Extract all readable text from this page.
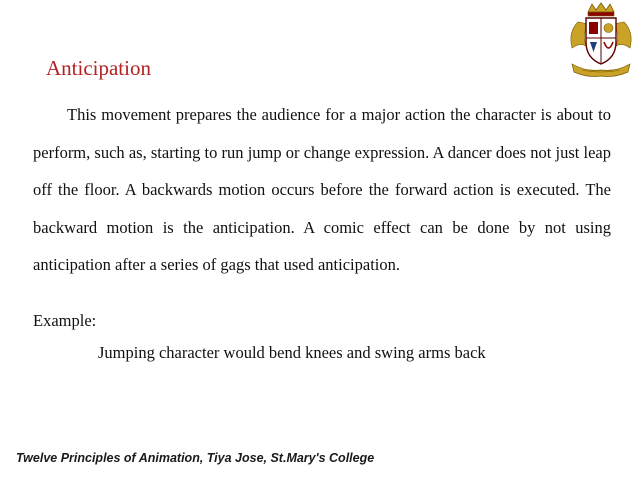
Anticipation

This movement prepares the audience for a major action the character is about to perform, such as, starting to run jump or change expression. A dancer does not just leap off the floor. A backwards motion occurs before the forward action is executed. The backward motion is the anticipation. A comic effect can be done by not using anticipation after a series of gags that used anticipation.

Example:

Jumping character would bend knees and swing arms back

Twelve Principles of Animation, Tiya Jose, St.Mary's College
